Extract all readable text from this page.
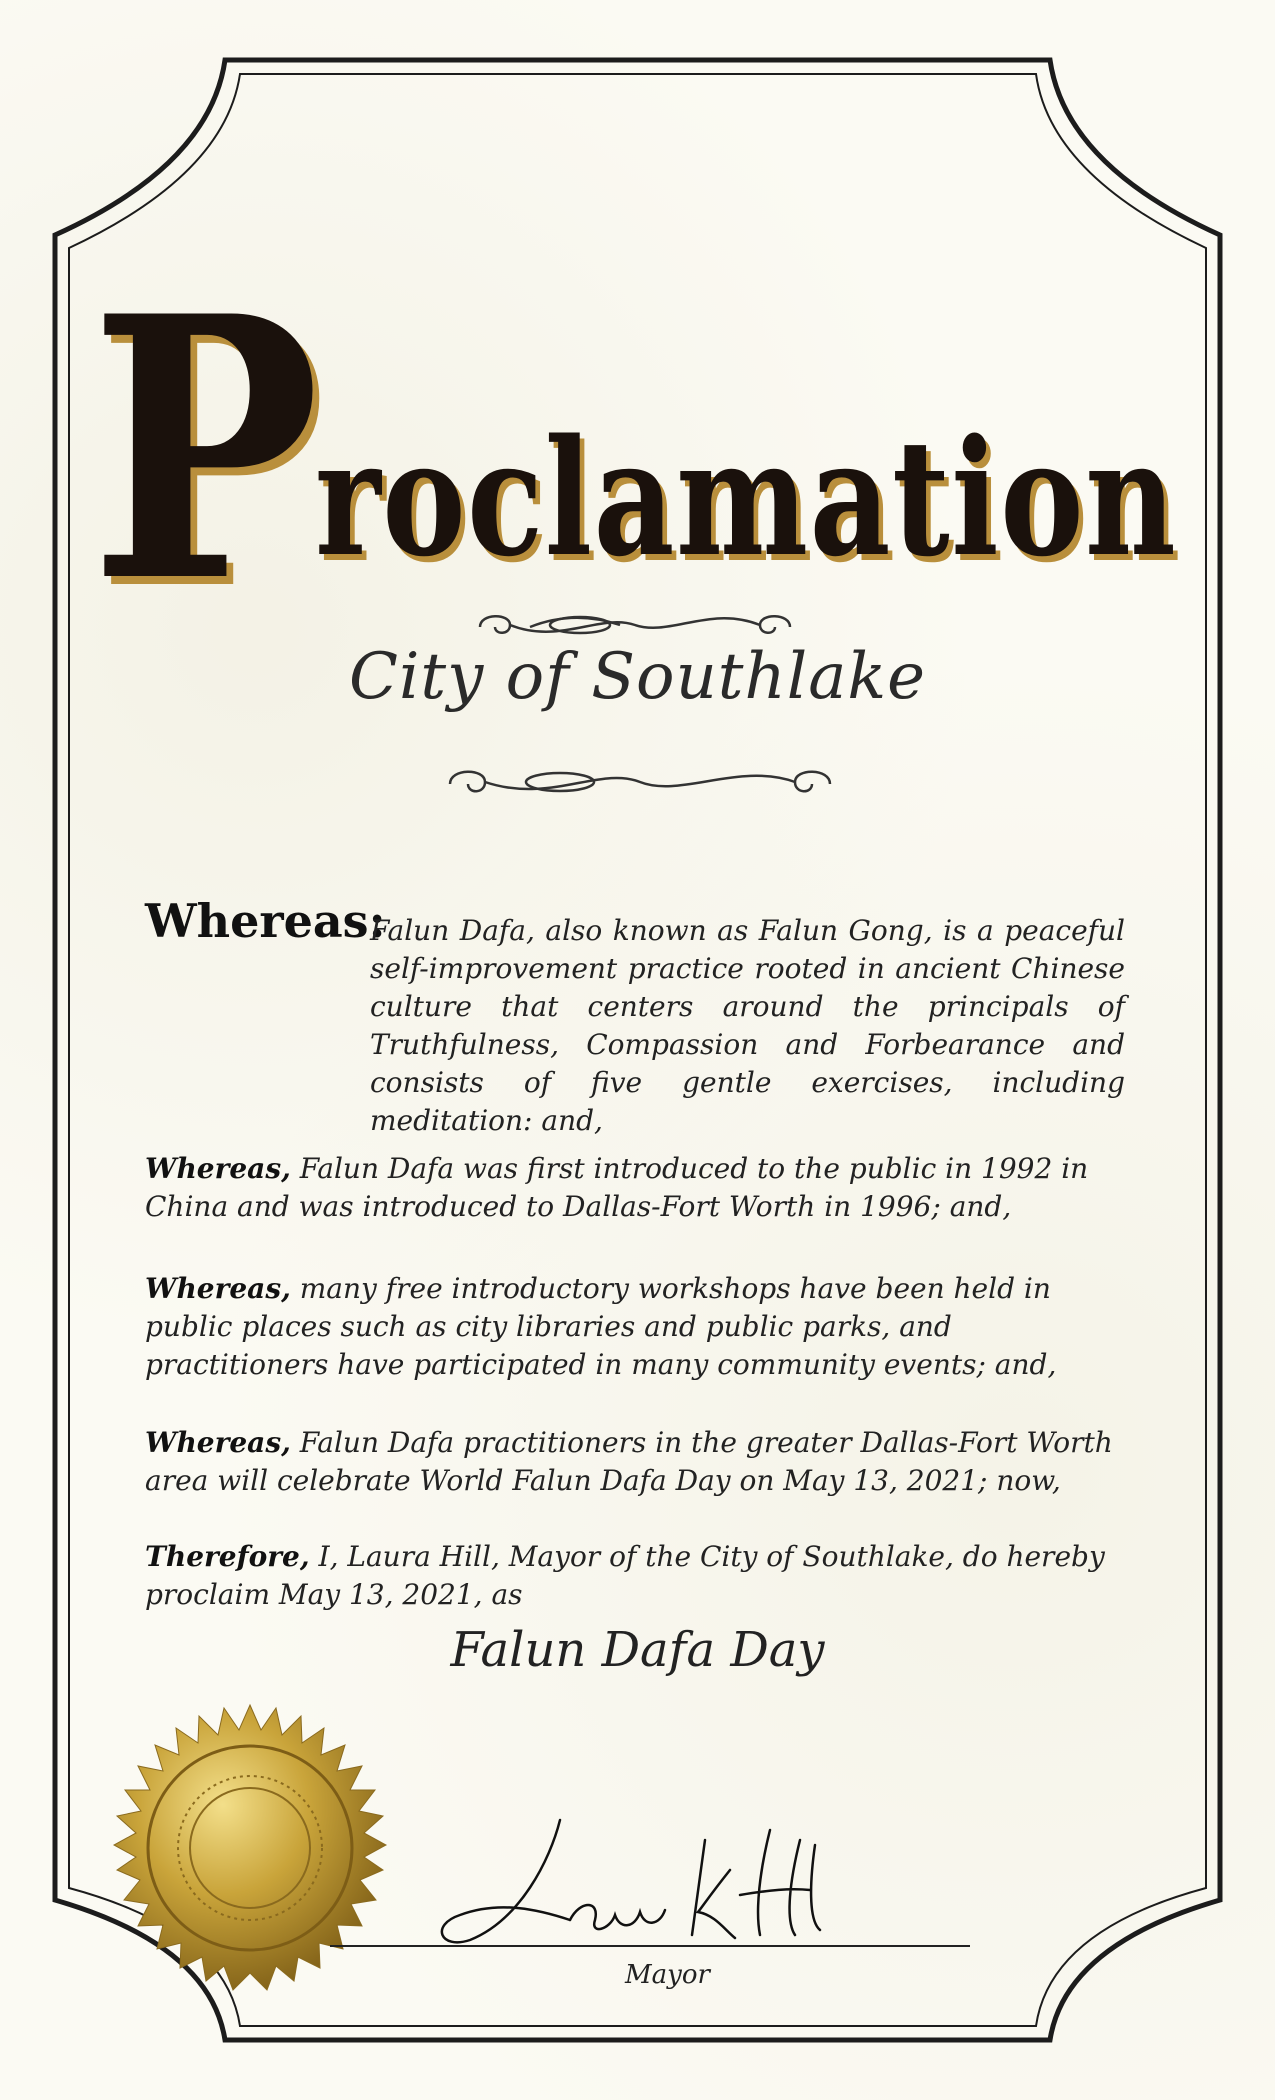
P
roclamation
City of Southlake
Whereas:
Falun Dafa, also known as Falun Gong, is a peaceful self-improvement practice rooted in ancient Chinese culture that centers around the principals of Truthfulness, Compassion and Forbearance and consists of five gentle exercises, including meditation: and,
Whereas, Falun Dafa was first introduced to the public in 1992 in China and was introduced to Dallas-Fort Worth in 1996; and,
Whereas, many free introductory workshops have been held in public places such as city libraries and public parks, and practitioners have participated in many community events; and,
Whereas, Falun Dafa practitioners in the greater Dallas-Fort Worth area will celebrate World Falun Dafa Day on May 13, 2021; now,
Therefore, I, Laura Hill, Mayor of the City of Southlake, do hereby proclaim May 13, 2021, as
Falun Dafa Day
Mayor
